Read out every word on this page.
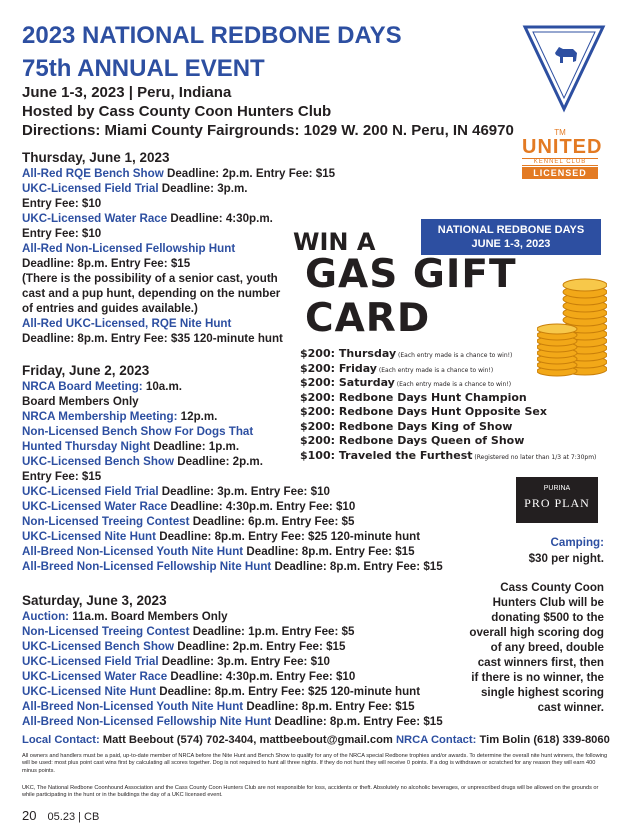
2023 NATIONAL REDBONE DAYS
75th ANNUAL EVENT
June 1-3, 2023 | Peru, Indiana
Hosted by Cass County Coon Hunters Club
Directions: Miami County Fairgrounds: 1029 W. 200 N. Peru, IN 46970	TM
UNITED
KENNEL CLUB
LICENSED
Thursday, June 1, 2023
All-Red RQE Bench Show Deadline: 2p.m. Entry Fee: $15
UKC-Licensed Field Trial Deadline: 3p.m.
Entry Fee: $10
UKC-Licensed Water Race Deadline: 4:30p.m.
Entry Fee: $10
All-Red Non-Licensed Fellowship Hunt
Deadline: 8p.m. Entry Fee: $15
(There is the possibility of a senior cast, youth
cast and a pup hunt, depending on the number
of entries and guides available.)
All-Red UKC-Licensed, RQE Nite Hunt
Deadline: 8p.m. Entry Fee: $35 120-minute hunt
Friday, June 2, 2023
NRCA Board Meeting: 10a.m.
Board Members Only
NRCA Membership Meeting: 12p.m.
Non-Licensed Bench Show For Dogs That
Hunted Thursday Night Deadline: 1p.m.
UKC-Licensed Bench Show Deadline: 2p.m.
Entry Fee: $15
UKC-Licensed Field Trial Deadline: 3p.m. Entry Fee: $10
UKC-Licensed Water Race Deadline: 4:30p.m. Entry Fee: $10
Non-Licensed Treeing Contest Deadline: 6p.m. Entry Fee: $5
UKC-Licensed Nite Hunt Deadline: 8p.m. Entry Fee: $25 120-minute hunt
All-Breed Non-Licensed Youth Nite Hunt Deadline: 8p.m. Entry Fee: $15
All-Breed Non-Licensed Fellowship Nite Hunt Deadline: 8p.m. Entry Fee: $15
Saturday, June 3, 2023
Auction: 11a.m. Board Members Only
Non-Licensed Treeing Contest Deadline: 1p.m. Entry Fee: $5
UKC-Licensed Bench Show Deadline: 2p.m. Entry Fee: $15
UKC-Licensed Field Trial Deadline: 3p.m. Entry Fee: $10
UKC-Licensed Water Race Deadline: 4:30p.m. Entry Fee: $10
UKC-Licensed Nite Hunt Deadline: 8p.m. Entry Fee: $25 120-minute hunt
All-Breed Non-Licensed Youth Nite Hunt Deadline: 8p.m. Entry Fee: $15
All-Breed Non-Licensed Fellowship Nite Hunt Deadline: 8p.m. Entry Fee: $15
NATIONAL REDBONE DAYS
JUNE 1-3, 2023
WIN A
GAS GIFT
CARD
$200: Thursday (Each entry made is a chance to win!)
$200: Friday (Each entry made is a chance to win!)
$200: Saturday (Each entry made is a chance to win!)
$200: Redbone Days Hunt Champion
$200: Redbone Days Hunt Opposite Sex
$200: Redbone Days King of Show
$200: Redbone Days Queen of Show
$100: Traveled the Furthest (Registered no later than 1/3 at 7:30pm)
PURINA
PRO PLAN
Camping:
$30 per night.
Cass County Coon
Hunters Club will be
donating $500 to the
overall high scoring dog
of any breed, double
cast winners first, then
if there is no winner, the
single highest scoring
cast winner.
Local Contact: Matt Beebout (574) 702-3404, mattbeebout@gmail.com NRCA Contact: Tim Bolin (618) 339-8060
All owners and handlers must be a paid, up-to-date member of NRCA before the Nite Hunt and Bench Show to qualify for any of the NRCA special Redbone trophies and/or awards. To determine the overall nite hunt winners, the following will be used: most plus point cast wins first by calculating all scores together. Dog is not required to hunt all three nights. If they do not hunt they will receive 0 points. If a dog is withdrawn or scratched for any reason they will earn 400 minus points.
UKC, The National Redbone Coonhound Association and the Cass County Coon Hunters Club are not responsible for loss, accidents or theft. Absolutely no alcoholic beverages, or unprescribed drugs will be allowed on the grounds or while participating in the hunt or in the buildings the day of a UKC licensed event.
20 05.23 | CB
